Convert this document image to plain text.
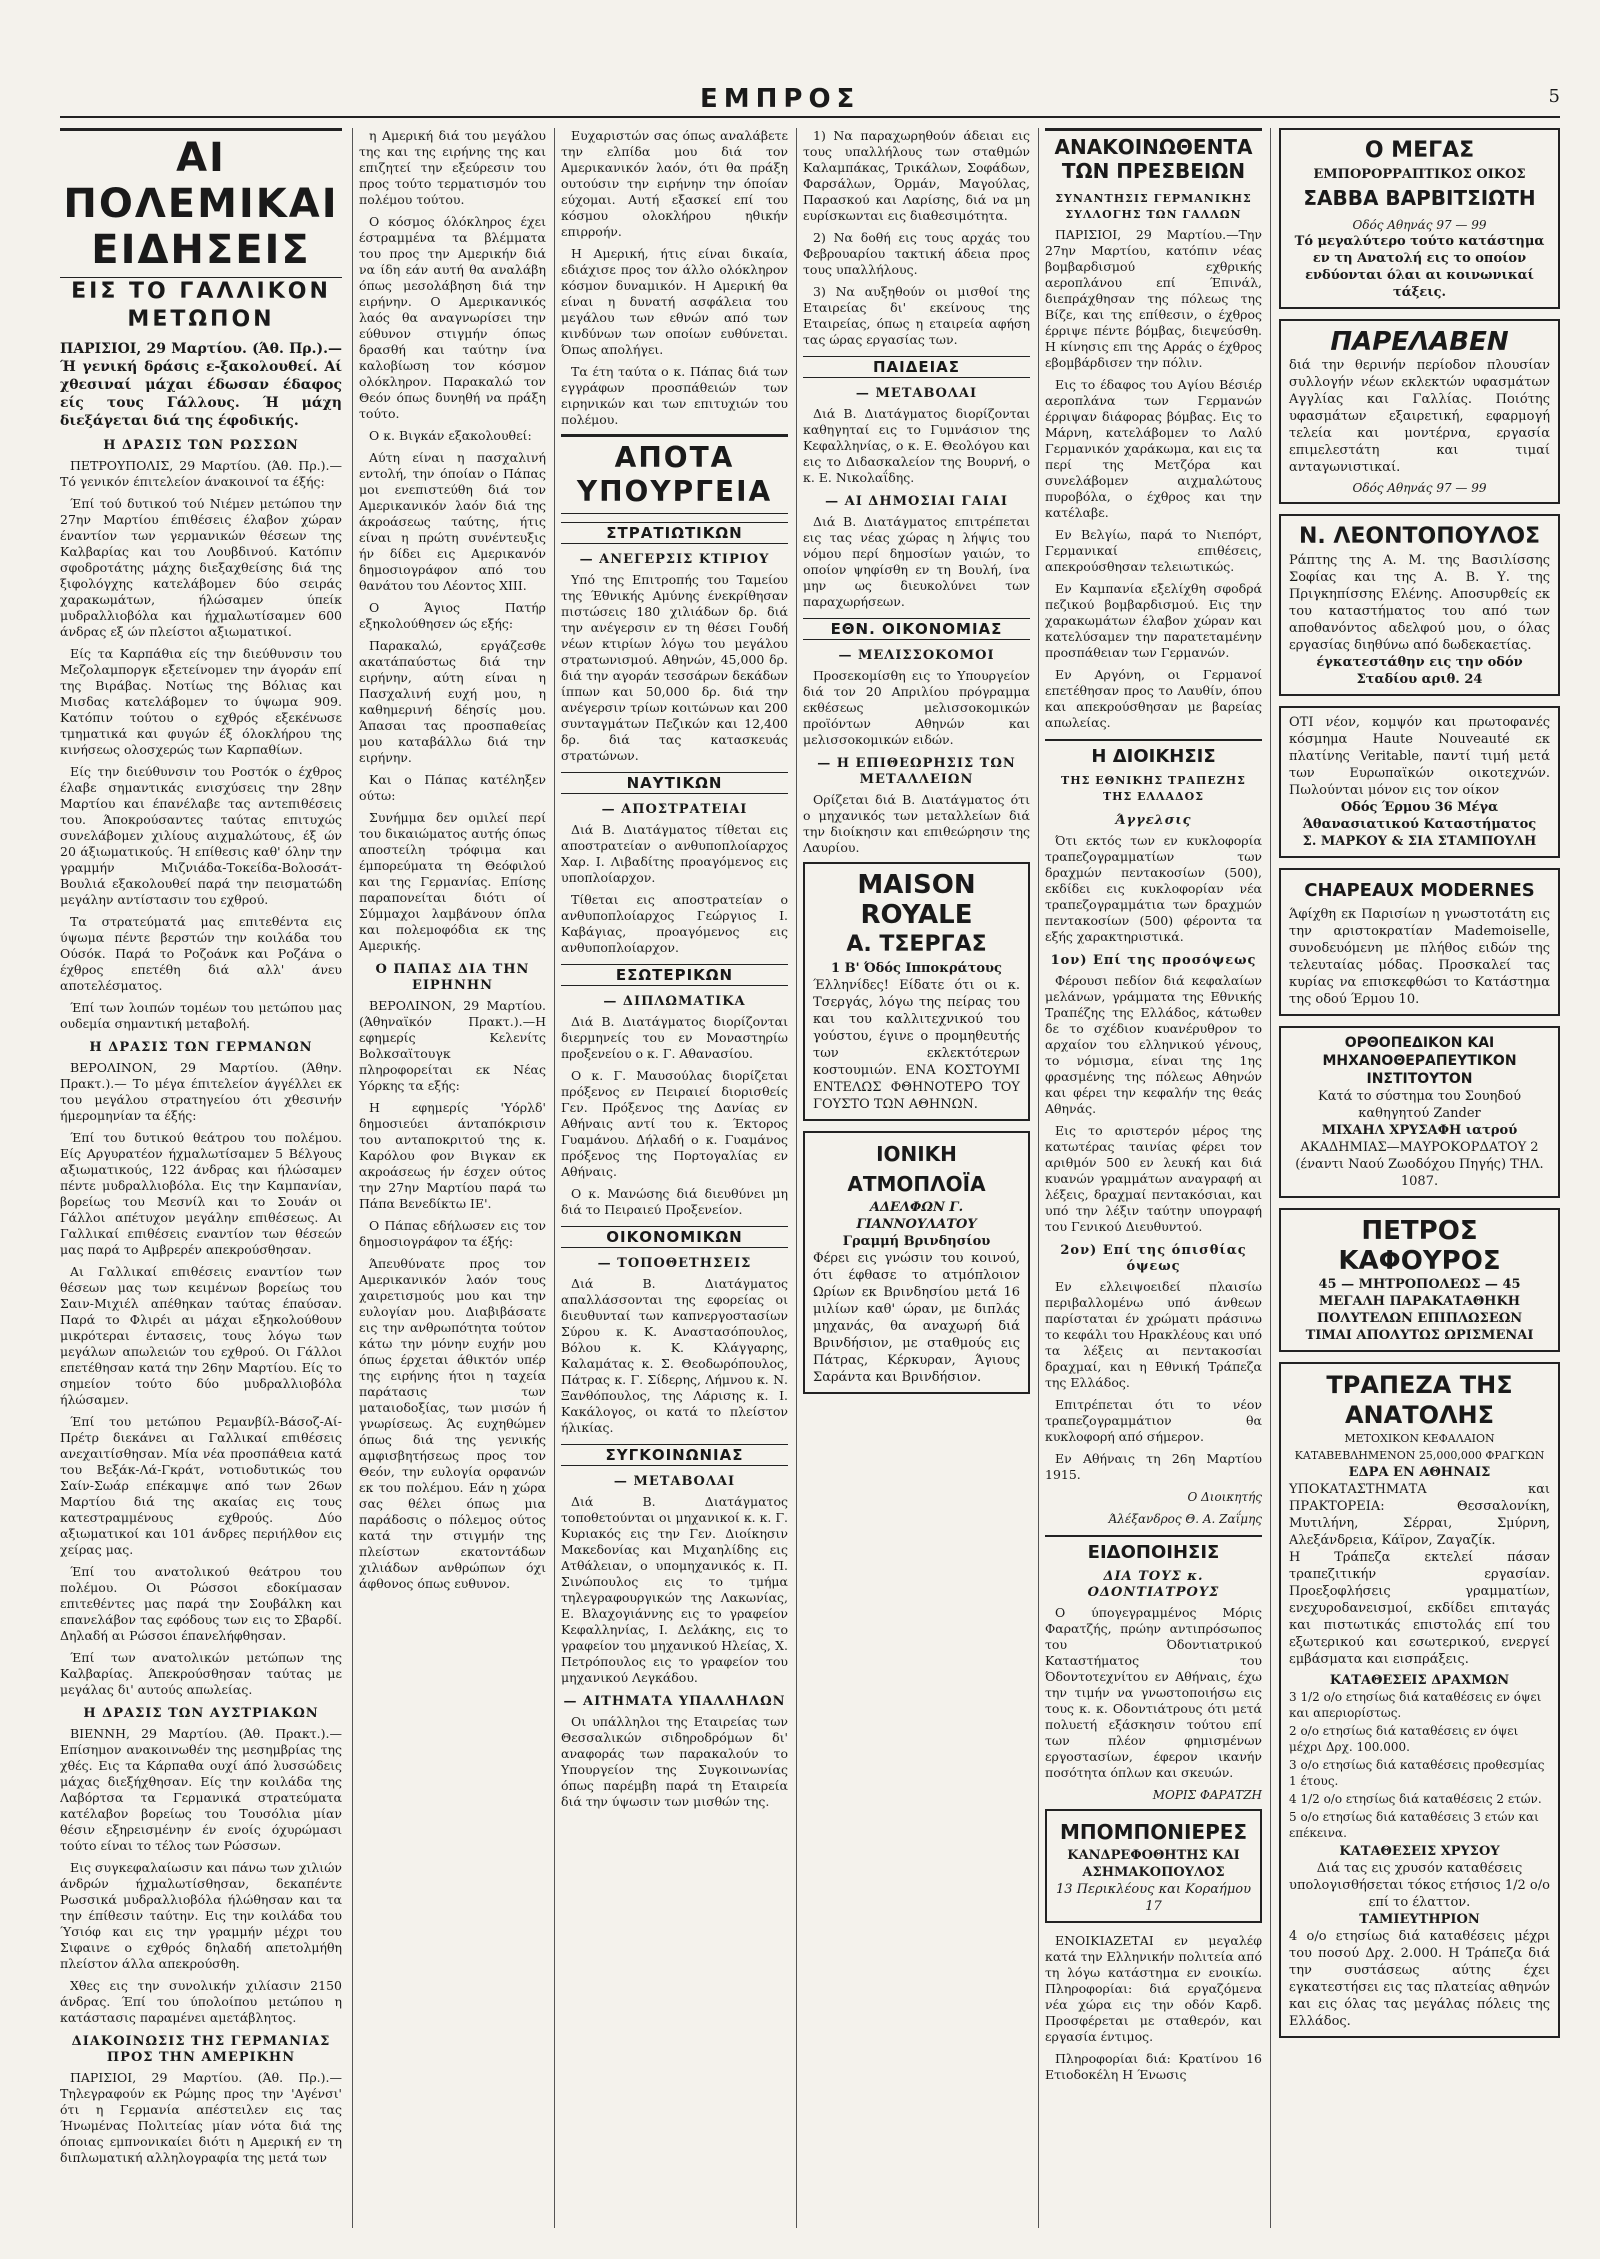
ΕΜΠΡΟΣ	5
ΑΙ ΠΟΛΕΜΙΚΑΙ ΕΙΔΗΣΕΙΣ
ΕΙΣ ΤΟ ΓΑΛΛΙΚΟΝ ΜΕΤΩΠΟΝ
ΠΑΡΙΣΙΟΙ, 29 Μαρτίου. (Άθ. Πρ.).—Ή γενική δράσις ε-ξακολουθεί. Αί χθεσιναί μάχαι έδωσαν έδαφος είς τους Γάλλους. Ή μάχη διεξάγεται διά της έφοδικής.
Η ΔΡΑΣΙΣ ΤΩΝ ΡΩΣΣΩΝ

ΠΕΤΡΟΥΠΟΛΙΣ, 29 Μαρτίου. (Άθ. Πρ.).—Τό γενικόν έπιτελείον άνακοινοί τα έξής:

Έπί τού δυτικού τού Νιέμεν μετώπου την 27ην Μαρτίου έπιθέσεις έλαβον χώραν έναντίον των γερμανικών θέσεων της Καλβαρίας και του Λουβδινού. Κατόπιν σφοδροτάτης μάχης διεξαχθείσης διά της ξιφολόγχης κατελάβομεν δύο σειράς χαρακωμάτων, ήλώσαμεν ύπείκ μυδραλλιοβόλα και ήχμαλωτίσαμεν 600 άνδρας εξ ών πλείστοι αξιωματικοί.

Είς τα Καρπάθια είς την διεύθυνσιν του Μεζολαμποργκ εξετείνομεν την άγοράν επί της Βιράβας. Νοτίως της Βόλιας και Μισδας κατελάβομεν το ύψωμα 909. Κατόπιν τούτου ο εχθρός εξεκένωσε τμηματικά και φυγών έξ όλοκλήρου της κινήσεως ολοσχερώς των Καρπαθίων.

Είς την διεύθυνσιν του Ροστόκ ο έχθρος έλαβε σημαντικάς ενισχύσεις την 28ην Μαρτίου και έπανέλαβε τας αντεπιθέσεις του. Άποκρούσαντες ταύτας επιτυχώς συνελάβομεν χιλίους αιχμαλώτους, έξ ών 20 άξιωματικούς. Ή επίθεσις καθ' όλην την γραμμήν Μιζνιάδα-Τοκείδα-Βολοσάτ-Βουλιά εξακολουθεί παρά την πεισματώδη μεγάλην αντίστασιν του εχθρού.

Τα στρατεύματά μας επιτεθέντα εις ύψωμα πέντε βερστών την κοιλάδα του Ούσόκ. Παρά το Ροζοάνκ και Ροζάνα ο έχθρος επετέθη διά αλλ' άνευ αποτελέσματος.

Έπί των λοιπών τομέων του μετώπου μας ουδεμία σημαντική μεταβολή.

Η ΔΡΑΣΙΣ ΤΩΝ ΓΕΡΜΑΝΩΝ

ΒΕΡΟΛΙΝΟΝ, 29 Μαρτίου. (Άθην. Πρακτ.).— Το μέγα έπιτελείον άγγέλλει εκ του μεγάλου στρατηγείου ότι χθεσινήν ήμερομηνίαν τα έξής:

Έπί του δυτικού θεάτρου του πολέμου. Είς Αργυρατέον ήχμαλωτίσαμεν 5 Βέλγους αξιωματικούς, 122 άνδρας και ήλώσαμεν πέντε μυδραλλιοβόλα. Εις την Καμπανίαν, βορείως του Μεσνίλ και το Σουάν οι Γάλλοι απέτυχον μεγάλην επιθέσεως. Αι Γαλλικαί επιθέσεις εναντίον των θέσεών μας παρά το Αμβρερέν απεκρούσθησαν.

Αι Γαλλικαί επιθέσεις εναντίον των θέσεων μας των κειμένων βορείως του Σαιν-Μιχιέλ απέθηκαν ταύτας έπαύσαν. Παρά το Φλιρέι αι μάχαι εξηκολούθουν μικρότεραι έντασεις, τους λόγω των μεγάλων απωλειών του εχθρού. Οι Γάλλοι επετέθησαν κατά την 26ην Μαρτίου. Είς το σημείον τούτο δύο μυδραλλιοβόλα ήλώσαμεν.

Έπί του μετώπου Ρεμανβίλ-Βάσοζ-Αί-Πρέτρ διεκάνει αι Γαλλικαί επιθέσεις ανεχαιτίσθησαν. Μία νέα προσπάθεια κατά του Βεξάκ-Λά-Γκράτ, νοτιοδυτικώς του Σαίν-Σωάρ επέκαμψε από των 26ων Μαρτίου διά της ακαίας εις τους κατεστραμμένους εχθρούς. Δύο αξιωματικοί και 101 άνδρες περιήλθον εις χείρας μας.

Έπί του ανατολικού θεάτρου του πολέμου. Οι Ρώσσοι εδοκίμασαν επιτεθέντες μας παρά την Σουβάλκη και επανελάβον τας εφόδους των εις το Σβαρδί. Δηλαδή αι Ρώσσοι έπανελήφθησαν.

Έπί των ανατολικών μετώπων της Καλβαρίας. Άπεκρούσθησαν ταύτας με μεγάλας δι' αυτούς απωλείας.

Η ΔΡΑΣΙΣ ΤΩΝ ΑΥΣΤΡΙΑΚΩΝ

ΒΙΕΝΝΗ, 29 Μαρτίου. (Άθ. Πρακτ.).—Επίσημον ανακοινωθέν της μεσημβρίας της χθές. Εις τα Κάρπαθα ουχί άπό λυσσώδεις μάχας διεξήχθησαν. Είς την κοιλάδα της Λαβόρτσα τα Γερμανικά στρατεύματα κατέλαβον βορείως του Τουσόλια μίαν θέσιν εξηρεισμένην έν ενοίς όχυρώμασι τούτο είναι το τέλος των Ρώσσων.

Εις συγκεφαλαίωσιν και πάνω των χιλιών άνδρών ήχμαλωτίσθησαν, δεκαπέντε Ρωσσικά μυδραλλιοβόλα ήλώθησαν και τα την έπίθεσιν ταύτην. Εις την κοιλάδα του Ύσιόφ και εις την γραμμήν μέχρι του Σιφαινε ο εχθρός δηλαδή απετολμήθη πλείστον άλλα απεκρούσθη.

Χθες εις την συνολικήν χιλίασιν 2150 άνδρας. Έπί του ύπολοίπου μετώπου η κατάστασις παραμένει αμετάβλητος.

ΔΙΑΚΟΙΝΩΣΙΣ ΤΗΣ ΓΕΡΜΑΝΙΑΣ ΠΡΟΣ ΤΗΝ ΑΜΕΡΙΚΗΝ

ΠΑΡΙΣΙΟΙ, 29 Μαρτίου. (Άθ. Πρ.).—Τηλεγραφούν εκ Ρώμης προς την 'Αγένσι' ότι η Γερμανία απέστειλεν εις τας Ήνωμένας Πολιτείας μίαν νότα διά της όποιας εμπνονικαίει διότι η Αμερική εν τη διπλωματική αλληλογραφία της μετά των

η Αμερική διά του μεγάλου της και της ειρήνης της και επιζητεί την εξεύρεσιν του προς τούτο τερματισμόν του πολέμου τούτου.

Ο κόσμος όλόκληρος έχει έστραμμένα τα βλέμματα του προς την Αμερικήν διά να ίδη εάν αυτή θα αναλάβη όπως μεσολάβηση διά την ειρήνην. Ο Αμερικανικός λαός θα αναγνωρίσει την εύθυνον στιγμήν όπως δρασθή και ταύτην ίνα καλοβίωση τον κόσμον ολόκληρον. Παρακαλώ τον Θεόν όπως δυνηθή να πράξη τούτο.

Ο κ. Βιγκάν εξακολουθεί:

Αύτη είναι η πασχαλινή εντολή, την όποίαν ο Πάπας μοι ενεπιστεύθη διά τον Αμερικανικόν λαόν διά της άκροάσεως ταύτης, ήτις είναι η πρώτη συνέντευξις ήν δίδει εις Αμερικανόν δημοσιογράφον από του θανάτου του Λέοντος XIII.

Ο Άγιος Πατήρ εξηκολούθησεν ώς εξής:

Παρακαλώ, εργάζεσθε ακατάπαύστως διά την ειρήνην, αύτη είναι η Πασχαλινή ευχή μου, η καθημερινή δέησίς μου. Άπασαι τας προσπαθείας μου καταβάλλω διά την ειρήνην.

Και ο Πάπας κατέληξεν ούτω:

Συνήμμα δεν ομιλεί περί του δικαιώματος αυτής όπως αποστείλη τρόφιμα και έμπορεύματα τη Θεόφιλού και της Γερμανίας. Επίσης παραπονείται διότι οί Σύμμαχοι λαμβάνουν όπλα και πολεμοφόδια εκ της Αμερικής.

Ο ΠΑΠΑΣ ΔΙΑ ΤΗΝ ΕΙΡΗΝΗΝ

ΒΕΡΟΛΙΝΟΝ, 29 Μαρτίου. (Άθηναϊκόν Πρακτ.).—Η εφημερίς Κελενίτς Βολκσαϊτουγκ πληροφορείται εκ Νέας Υόρκης τα εξής:

Η εφημερίς 'Υόρλδ' δημοσιεύει άνταπόκρισιν του ανταποκριτού της κ. Καρόλου φον Βιγκαν εκ ακροάσεως ήν έσχεν ούτος την 27ην Μαρτίου παρά τω Πάπα Βενεδίκτω ΙΕ'.

Ο Πάπας εδήλωσεν εις τον δημοσιογράφον τα έξής:

Άπευθύνατε προς τον Αμερικανικόν λαόν τους χαιρετισμούς μου και την ευλογίαν μου. Διαβιβάσατε εις την ανθρωπότητα τούτον κάτω την μόνην ευχήν μου όπως έρχεται άθικτόν υπέρ της ειρήνης ήτοι η ταχεία παράτασις των ματαιοδοξίας, των μισών ή γνωρίσεως. Άς ευχηθώμεν όπως διά της γενικής αμφισβητήσεως προς τον Θεόν, την ευλογία ορφανών εκ του πολέμου. Εάν η χώρα σας θέλει όπως μια παράδοσις ο πόλεμος ούτος κατά την στιγμήν της πλείστων εκατοντάδων χιλιάδων ανθρώπων όχι άφθονος όπως ευθυνον.

Ευχαριστών σας όπως αναλάβετε την ελπίδα μου διά τον Αμερικανικόν λαόν, ότι θα πράξη ουτούσιν την ειρήνην την όποίαν εύχομαι. Αυτή εξασκεί επί του κόσμου ολοκλήρου ηθικήν επιρροήν.

Η Αμερική, ήτις είναι δικαία, εδιάχισε προς τον άλλο ολόκληρον κόσμον δυναμικόν. Η Αμερική θα είναι η δυνατή ασφάλεια του μεγάλου των εθνών από των κινδύνων των οποίων ευθύνεται. Όπως απολήγει.

Τα έτη ταύτα ο κ. Πάπας διά των εγγράφων προσπάθειών των ειρηνικών και των επιτυχιών του πολέμου.

ΑΠΟΤΑ ΥΠΟΥΡΓΕΙΑ
ΣΤΡΑΤΙΩΤΙΚΩΝ
— ΑΝΕΓΕΡΣΙΣ ΚΤΙΡΙΟΥ

Υπό της Επιτροπής του Ταμείου της Έθνικής Αμύνης ένεκρίθησαν πιστώσεις 180 χιλιάδων δρ. διά την ανέγερσιν εν τη θέσει Γουδή νέων κτιρίων λόγω του μεγάλου στρατωνισμού. Αθηνών, 45,000 δρ. διά την αγοράν τεσσάρων δεκάδων ίππων και 50,000 δρ. διά την ανέγερσιν τρίων κοιτώνων και 200 συνταγμάτων Πεζικών και 12,400 δρ. διά τας κατασκευάς στρατώνων.

ΝΑΥΤΙΚΩΝ
— ΑΠΟΣΤΡΑΤΕΙΑΙ

Διά Β. Διατάγματος τίθεται εις αποστρατείαν ο ανθυποπλοίαρχος Χαρ. Ι. Λιβαδίτης προαγόμενος εις υποπλοίαρχον.

Τίθεται εις αποστρατείαν ο ανθυποπλοίαρχος Γεώργιος Ι. Καβάγιας, προαγόμενος εις ανθυποπλοίαρχον.

ΕΣΩΤΕΡΙΚΩΝ
— ΔΙΠΛΩΜΑΤΙΚΑ

Διά Β. Διατάγματος διορίζονται διερμηνείς του εν Μοναστηρίω προξενείου ο κ. Γ. Αθανασίου.

Ο κ. Γ. Μαυσούλας διορίζεται πρόξενος εν Πειραιεί διορισθείς Γεν. Πρόξενος της Δανίας εν Αθήναις αντί του κ. Έκτορος Γυαμάνου. Δήλαδή ο κ. Γυαμάνος πρόξενος της Πορτογαλίας εν Αθήναις.

Ο κ. Μανώσης διά διευθύνει μη διά το Πειραιεύ Προξενείον.

ΟΙΚΟΝΟΜΙΚΩΝ
— ΤΟΠΟΘΕΤΗΣΕΙΣ

Διά Β. Διατάγματος απαλλάσσονται της εφορείας οι διευθυνταί των καπνεργοστασίων Σύρου κ. Κ. Αναστασόπουλος, Βόλου κ. Κ. Κλάγγαρης, Καλαμάτας κ. Σ. Θεοδωρόπουλος, Πάτρας κ. Γ. Σίδερης, Λήμνου κ. Ν. Ξανθόπουλος, της Λάρισης κ. Ι. Κακάλογος, οι κατά το πλείστον ήλικίας.

ΣΥΓΚΟΙΝΩΝΙΑΣ
— ΜΕΤΑΒΟΛΑΙ

Διά Β. Διατάγματος τοποθετούνται οι μηχανικοί κ. κ. Γ. Κυριακός εις την Γεν. Διοίκησιν Μακεδονίας και Μιχαηλίδης εις Ατθάλειαν, ο υπομηχανικός κ. Π. Σινώπουλος εις το τμήμα τηλεγραφουργικών της Λακωνίας, Ε. Βλαχογιάννης εις το γραφείον Κεφαλληνίας, Ι. Δελάκης, εις το γραφείον του μηχανικού Ηλείας, Χ. Πετρόπουλος εις το γραφείον του μηχανικού Λεγκάδου.

— ΑΙΤΗΜΑΤΑ ΥΠΑΛΛΗΛΩΝ

Οι υπάλληλοι της Εταιρείας των Θεσσαλικών σιδηροδρόμων δι' αναφοράς των παρακαλούν το Υπουργείον της Συγκοινωνίας όπως παρέμβη παρά τη Εταιρεία διά την ύψωσιν των μισθών της.

1) Να παραχωρηθούν άδειαι εις τους υπαλλήλους των σταθμών Καλαμπάκας, Τρικάλων, Σοφάδων, Φαρσάλων, Όρμάν, Μαγούλας, Παρασκού και Λαρίσης, διά να μη ευρίσκωνται εις διαθεσιμότητα.

2) Να δοθή εις τους αρχάς του Φεβρουαρίου τακτική άδεια προς τους υπαλλήλους.

3) Να αυξηθούν οι μισθοί της Εταιρείας δι' εκείνους της Εταιρείας, όπως η εταιρεία αφήση τας ώρας εργασίας των.

ΠΑΙΔΕΙΑΣ
— ΜΕΤΑΒΟΛΑΙ

Διά Β. Διατάγματος διορίζονται καθηγηταί εις το Γυμνάσιον της Κεφαλληνίας, ο κ. Ε. Θεολόγου και εις το Διδασκαλείον της Βουρνή, ο κ. Ε. Νικολαΐδης.

— ΑΙ ΔΗΜΟΣΙΑΙ ΓΑΙΑΙ

Διά Β. Διατάγματος επιτρέπεται εις τας νέας χώρας η λήψις του νόμου περί δημοσίων γαιών, το οποίον ψηφίσθη εν τη Βουλή, ίνα μην ως διευκολύνει των παραχωρήσεων.

ΕΘΝ. ΟΙΚΟΝΟΜΙΑΣ
— ΜΕΛΙΣΣΟΚΟΜΟΙ

Προσεκομίσθη εις το Υπουργείον διά τον 20 Απριλίου πρόγραμμα εκθέσεως μελισσοκομικών προϊόντων Αθηνών και μελισσοκομικών ειδών.

— Η ΕΠΙΘΕΩΡΗΣΙΣ ΤΩΝ ΜΕΤΑΛΛΕΙΩΝ

Ορίζεται διά Β. Διατάγματος ότι ο μηχανικός των μεταλλείων διά την διοίκησιν και επιθεώρησιν της Λαυρίου.

MAISON ROYALE
Α. ΤΣΕΡΓΑΣ
1 Β' Όδός Ιπποκράτους
Έλληνίδες! Είδατε ότι οι κ. Τσεργάς, λόγω της πείρας του και του καλλιτεχνικού του γούστου, έγινε ο προμηθευτής των εκλεκτότερων κοστουμιών. ΕΝΑ ΚΟΣΤΟΥΜΙ ΕΝΤΕΛΩΣ ΦΘΗΝΟΤΕΡΟ ΤΟΥ ΓΟΥΣΤΟ ΤΩΝ ΑΘΗΝΩΝ.
ΙΟΝΙΚΗ ΑΤΜΟΠΛΟΪΑ
ΑΔΕΛΦΩΝ Γ. ΓΙΑΝΝΟΥΛΑΤΟΥ
Γραμμή Βρινδησίου
Φέρει εις γνώσιν του κοινού, ότι έφθασε το ατμόπλοιον Ωρίων εκ Βρινδησίου μετά 16 μιλίων καθ' ώραν, με διπλάς μηχανάς, θα αναχωρή διά Βρινδήσιον, με σταθμούς εις Πάτρας, Κέρκυραν, Άγιους Σαράντα και Βρινδήσιον.
ΑΝΑΚΟΙΝΩΘΕΝΤΑ ΤΩΝ ΠΡΕΣΒΕΙΩΝ
ΣΥΝΑΝΤΗΣΙΣ ΓΕΡΜΑΝΙΚΗΣ ΣΥΛΛΟΓΗΣ ΤΩΝ ΓΑΛΛΩΝ

ΠΑΡΙΣΙΟΙ, 29 Μαρτίου.—Την 27ην Μαρτίου, κατόπιν νέας βομβαρδισμού εχθρικής αεροπλάνου επί Έπινάλ, διεπράχθησαν της πόλεως της Βίζε, και της επίθεσιν, ο έχθρος έρριψε πέντε βόμβας, διεψεύσθη. Η κίνησις επι της Αρράς ο έχθρος εβομβάρδισεν την πόλιν.

Εις το έδαφος του Αγίου Βέσιέρ αεροπλάνα των Γερμανών έρριψαν διάφορας βόμβας. Εις το Μάρνη, κατελάβομεν το Λαλύ Γερμανικόν χαράκωμα, και εις τα περί της Μετζόρα και συνελάβομεν αιχμαλώτους πυροβόλα, ο έχθρος και την κατέλαβε.

Εν Βελγίω, παρά το Νιεπόρτ, Γερμανικαί επιθέσεις, απεκρούσθησαν τελειωτικώς.

Εν Καμπανία εξελίχθη σφοδρά πεζικού βομβαρδισμού. Εις την χαρακωμάτων έλαβον χώραν και κατελύσαμεν την παρατεταμένην προσπάθειαν των Γερμανών.

Εν Αργόνη, οι Γερμανοί επετέθησαν προς το Λαυθίν, όπου και απεκρούσθησαν με βαρείας απωλείας.

Η ΔΙΟΙΚΗΣΙΣ
ΤΗΣ ΕΘΝΙΚΗΣ ΤΡΑΠΕΖΗΣ ΤΗΣ ΕΛΛΑΔΟΣ
Άγγελσις

Ότι εκτός των εν κυκλοφορία τραπεζογραμματίων των δραχμών πεντακοσίων (500), εκδίδει εις κυκλοφορίαν νέα τραπεζογραμμάτια των δραχμών πεντακοσίων (500) φέροντα τα εξής χαρακτηριστικά.

1ον) Επί της προσόψεως

Φέρουσι πεδίον διά κεφαλαίων μελάνων, γράμματα της Εθνικής Τραπέζης της Ελλάδος, κάτωθεν δε το σχέδιον κυανέρυθρον το αρχαίον του ελληνικού γένους, το νόμισμα, είναι της 1ης φρασμένης της πόλεως Αθηνών και φέρει την κεφαλήν της θεάς Αθηνάς.

Εις το αριστερόν μέρος της κατωτέρας ταινίας φέρει τον αριθμόν 500 εν λευκή και διά κυανών γραμμάτων αναγραφή αι λέξεις, δραχμαί πεντακόσιαι, και υπό την λέξιν ταύτην υπογραφή του Γενικού Διευθυντού.

2ον) Επί της όπισθίας όψεως

Εν ελλειψοειδεί πλαισίω περιβαλλομένω υπό άνθεων παρίσταται έν χρώματι πράσινω το κεφάλι του Ηρακλέους και υπό τα λέξεις αι πεντακοσίαι δραχμαί, και η Εθνική Τράπεζα της Ελλάδος.

Επιτρέπεται ότι το νέον τραπεζογραμμάτιον θα κυκλοφορή από σήμερον.

Εν Αθήναις τη 26η Μαρτίου 1915.

Ο Διοικητής
Άλέξανδρος Θ. Α. Ζαΐμης
ΕΙΔΟΠΟΙΗΣΙΣ
ΔΙΑ ΤΟΥΣ κ. ΟΔΟΝΤΙΑΤΡΟΥΣ

Ο ύπογεγραμμένος Μόρις Φαρατζής, πρώην αντιπρόσωπος του Όδοντιατρικού Καταστήματος του Όδοντοτεχνίτου εν Αθήναις, έχω την τιμήν να γνωστοποιήσω εις τους κ. κ. Οδοντιάτρους ότι μετά πολυετή εξάσκησιν τούτου επί των πλέον φημισμένων εργοστασίων, έφερον ικανήν ποσότητα όπλων και σκευών.

ΜΟΡΙΣ ΦΑΡΑΤΖΗ
ΜΠΟΜΠΟΝΙΕΡΕΣ
ΚΑΝΔΡΕΦΟΘΗΤΗΣ ΚΑΙ ΑΣΗΜΑΚΟΠΟΥΛΟΣ
13 Περικλέους και Κοραήμου 17

ΕΝΟΙΚΙΑΖΕΤΑΙ εν μεγαλέφ κατά την Ελληνικήν πολιτεία από τη λόγω κατάστημα εν ενοικίω. Πληροφορίαι: διά εργαζόμενα νέα χώρα εις την οδόν Καρδ. Προσφέρεται με σταθερόν, και εργασία έντιμος.

Πληροφορίαι διά: Κρατίνου 16 Ετιοδοκέλη Η Ένωσις

Ο ΜΕΓΑΣ
ΕΜΠΟΡΟΡΡΑΠΤΙΚΟΣ ΟΙΚΟΣ
ΣΑΒΒΑ ΒΑΡΒΙΤΣΙΩΤΗ
Οδός Αθηνάς 97 — 99
Τό μεγαλύτερο τούτο κατάστημα εν τη Ανατολή εις το οποίον ενδύονται όλαι αι κοινωνικαί τάξεις.
ΠΑΡΕΛΑΒΕΝ
διά την θερινήν περίοδον πλουσίαν συλλογήν νέων εκλεκτών υφασμάτων Αγγλίας και Γαλλίας. Ποιότης υφασμάτων εξαιρετική, εφαρμογή τελεία και μοντέρνα, εργασία επιμελεστάτη και τιμαί ανταγωνιστικαί.
Οδός Αθηνάς 97 — 99
Ν. ΛΕΟΝΤΟΠΟΥΛΟΣ
Ράπτης της Α. Μ. της Βασιλίσσης Σοφίας και της Α. Β. Υ. της Πριγκηπίσσης Ελένης. Αποσυρθείς εκ του καταστήματος του από των αποθανόντος αδελφού μου, ο όλας εργασίας διηθύνω από δωδεκαετίας.
έγκατεστάθην εις την οδόν Σταδίου αριθ. 24
ΟΤΙ νέον, κομψόν και πρωτοφανές κόσμημα Haute Nouveauté εκ πλατίνης Veritable, παντί τιμή μετά των Ευρωπαϊκών οικοτεχνών. Πωλούνται μόνον εις τον οίκον
Οδός Έρμου 36 Μέγα Άθανασιατικού Καταστήματος
Σ. ΜΑΡΚΟΥ & ΣΙΑ ΣΤΑΜΠΟΥΛΗ
CHAPEAUX MODERNES
Άφίχθη εκ Παρισίων η γνωστοτάτη εις την αριστοκρατίαν Mademoiselle, συνοδευόμενη με πλήθος ειδών της τελευταίας μόδας. Προσκαλεί τας κυρίας να επισκεφθώσι το Κατάστημα της οδού Έρμου 10.
ΟΡΘΟΠΕΔΙΚΟΝ ΚΑΙ ΜΗΧΑΝΟΘΕΡΑΠΕΥΤΙΚΟΝ ΙΝΣΤΙΤΟΥΤΟΝ
Κατά το σύστημα του Σουηδού καθηγητού Zander
ΜΙΧΑΗΛ ΧΡΥΣΑΦΗ ιατρού
ΑΚΑΔΗΜΙΑΣ—ΜΑΥΡΟΚΟΡΔΑΤΟΥ 2 (έναντι Ναού Ζωοδόχου Πηγής) ΤΗΛ. 1087.
ΠΕΤΡΟΣ ΚΑΦΟΥΡΟΣ
45 — ΜΗΤΡΟΠΟΛΕΩΣ — 45
ΜΕΓΑΛΗ ΠΑΡΑΚΑΤΑΘΗΚΗ ΠΟΛΥΤΕΛΩΝ ΕΠΙΠΛΩΣΕΩΝ
ΤΙΜΑΙ ΑΠΟΛΥΤΩΣ ΩΡΙΣΜΕΝΑΙ
ΤΡΑΠΕΖΑ ΤΗΣ ΑΝΑΤΟΛΗΣ
ΜΕΤΟΧΙΚΟΝ ΚΕΦΑΛΑΙΟΝ ΚΑΤΑΒΕΒΛΗΜΕΝΟΝ 25,000,000 ΦΡΑΓΚΩΝ
ΕΔΡΑ ΕΝ ΑΘΗΝΑΙΣ
ΥΠΟΚΑΤΑΣΤΗΜΑΤΑ και ΠΡΑΚΤΟΡΕΙΑ: Θεσσαλονίκη, Μυτιλήνη, Σέρραι, Σμύρνη, Αλεξάνδρεια, Κάϊρον, Ζαγαζίκ.
Η Τράπεζα εκτελεί πάσαν τραπεζιτικήν εργασίαν. Προεξοφλήσεις γραμματίων, ενεχυροδανεισμοί, εκδίδει επιταγάς και πιστωτικάς επιστολάς επί του εξωτερικού και εσωτερικού, ενεργεί εμβάσματα και εισπράξεις.
ΚΑΤΑΘΕΣΕΙΣ ΔΡΑΧΜΩΝ
3 1/2 ο/ο ετησίως διά καταθέσεις εν όψει και απεριορίστως.
2 ο/ο ετησίως διά καταθέσεις εν όψει μέχρι Δρχ. 100.000.
3 ο/ο ετησίως διά καταθέσεις προθεσμίας 1 έτους.
4 1/2 ο/ο ετησίως διά καταθέσεις 2 ετών.
5 ο/ο ετησίως διά καταθέσεις 3 ετών και επέκεινα.
ΚΑΤΑΘΕΣΕΙΣ ΧΡΥΣΟΥ
Διά τας εις χρυσόν καταθέσεις υπολογισθήσεται τόκος ετήσιος 1/2 ο/ο επί το έλαττον.
ΤΑΜΙΕΥΤΗΡΙΟΝ
4 ο/ο ετησίως διά καταθέσεις μέχρι του ποσού Δρχ. 2.000. Η Τράπεζα διά την συστάσεως αύτης έχει εγκατεστήσει εις τας πλατείας αθηνών και εις όλας τας μεγάλας πόλεις της Ελλάδος.
